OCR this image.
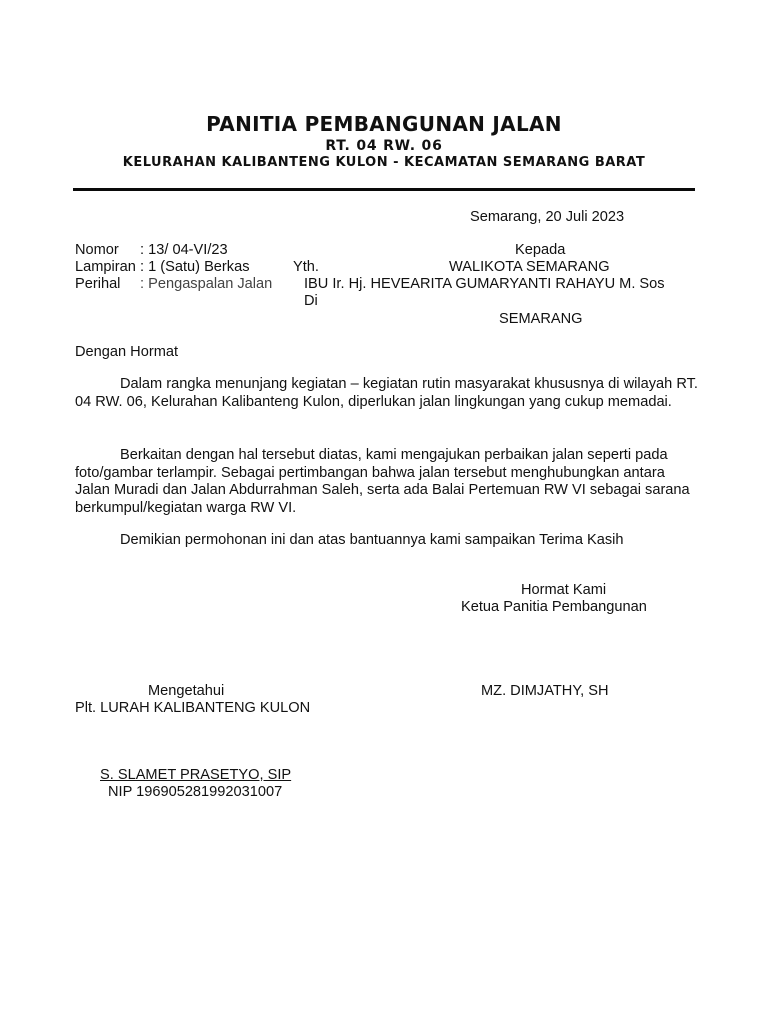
PANITIA PEMBANGUNAN JALAN
RT. 04 RW. 06
KELURAHAN KALIBANTENG KULON - KECAMATAN SEMARANG BARAT
Semarang, 20 Juli 2023
Nomor : 13/ 04-VI/23
Lampiran : 1 (Satu) Berkas
Perihal : Pengaspalan Jalan
Kepada
Yth.	WALIKOTA SEMARANG
IBU Ir. Hj. HEVEARITA GUMARYANTI RAHAYU M. Sos
Di
SEMARANG
Dengan Hormat
Dalam rangka menunjang kegiatan – kegiatan rutin masyarakat khususnya di wilayah RT. 04 RW. 06, Kelurahan Kalibanteng Kulon, diperlukan jalan lingkungan yang cukup memadai.
Berkaitan dengan hal tersebut diatas, kami mengajukan perbaikan jalan seperti pada foto/gambar terlampir. Sebagai pertimbangan bahwa jalan tersebut menghubungkan antara Jalan Muradi dan Jalan Abdurrahman Saleh, serta ada Balai Pertemuan RW VI sebagai sarana berkumpul/kegiatan warga RW VI.
Demikian permohonan ini dan atas bantuannya kami sampaikan Terima Kasih
Hormat Kami
Ketua Panitia Pembangunan
MZ. DIMJATHY, SH
Mengetahui
Plt. LURAH KALIBANTENG KULON
S. SLAMET PRASETYO, SIP
NIP 196905281992031007
